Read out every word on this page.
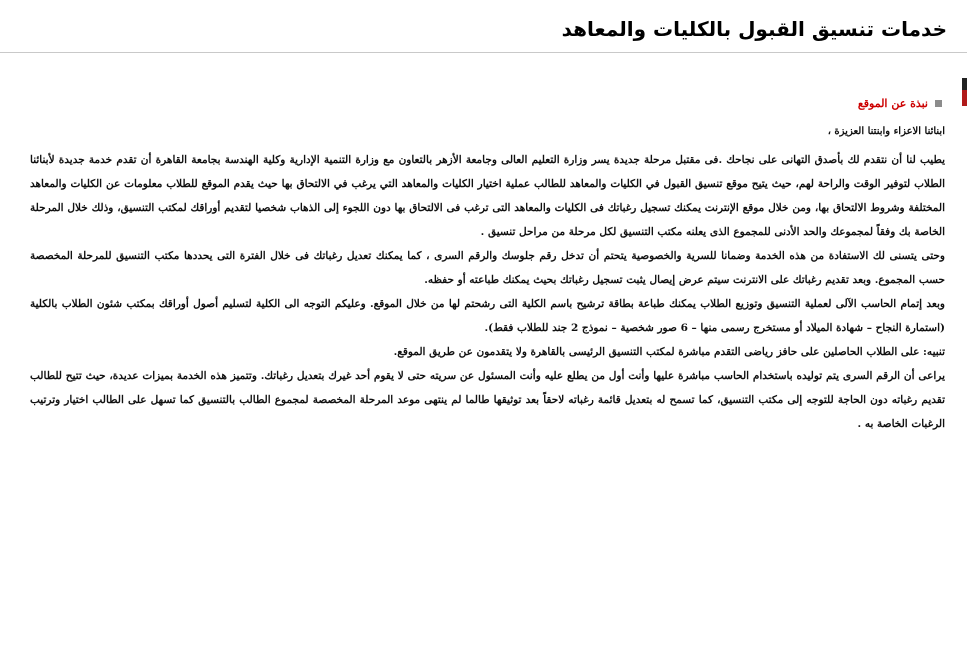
خدمات تنسيق القبول بالكليات والمعاهد
نبذة عن الموقع

ابنائنا الاعزاء وابنتنا العزيزة ،

يطيب لنا أن نتقدم لك بأصدق التهانى على نجاحك .فى مقتبل مرحلة جديدة يسر وزارة التعليم العالى وجامعة الأزهر بالتعاون مع وزارة التنمية الإدارية وكلية الهندسة بجامعة القاهرة أن تقدم خدمة جديدة لأبنائنا الطلاب لتوفير الوقت والراحة لهم، حيث يتيح موقع تنسيق القبول في الكليات والمعاهد للطالب عملية اختيار الكليات والمعاهد التي يرغب في الالتحاق بها حيث يقدم الموقع للطلاب معلومات عن الكليات والمعاهد المختلفة وشروط الالتحاق بها، ومن خلال موقع الإنترنت يمكنك تسجيل رغباتك فى الكليات والمعاهد التى ترغب فى الالتحاق بها دون اللجوء إلى الذهاب شخصيا لتقديم أوراقك لمكتب التنسيق، وذلك خلال المرحلة الخاصة بك وفقاً لمجموعك والحد الأدنى للمجموع الذى يعلنه مكتب التنسيق لكل مرحلة من مراحل تنسيق .

وحتى يتسنى لك الاستفادة من هذه الخدمة وضمانا للسرية والخصوصية يتحتم أن تدخل رقم جلوسك والرقم السرى ، كما يمكنك تعديل رغباتك فى خلال الفترة التى يحددها مكتب التنسيق للمرحلة المخصصة حسب المجموع. وبعد تقديم رغباتك على الانترنت سيتم عرض إيصال يثبت تسجيل رغباتك بحيث يمكنك طباعته أو حفظه.

وبعد إتمام الحاسب الآلى لعملية التنسيق وتوزيع الطلاب يمكنك طباعة بطاقة ترشيح باسم الكلية التى رشحتم لها من خلال الموقع. وعليكم التوجه الى الكلية لتسليم أصول أوراقك بمكتب شئون الطلاب بالكلية (استمارة النجاح – شهادة الميلاد أو مستخرج رسمى منها – 6 صور شخصية – نموذج 2 جند للطلاب فقط).

تنبيه: على الطلاب الحاصلين على حافز رياضى التقدم مباشرة لمكتب التنسيق الرئيسى بالقاهرة ولا يتقدمون عن طريق الموقع.

يراعى أن الرقم السرى يتم توليده باستخدام الحاسب مباشرة عليها وأنت أول من يطلع عليه وأنت المسئول عن سريته حتى لا يقوم أحد غيرك بتعديل رغباتك. وتتميز هذه الخدمة بميزات عديدة، حيث تتيح للطالب تقديم رغباته دون الحاجة للتوجه إلى مكتب التنسيق، كما تسمح له بتعديل قائمة رغباته لاحقاً بعد توثيقها طالما لم ينتهى موعد المرحلة المخصصة لمجموع الطالب بالتنسيق كما تسهل على الطالب اختيار وترتيب الرغبات الخاصة به .
